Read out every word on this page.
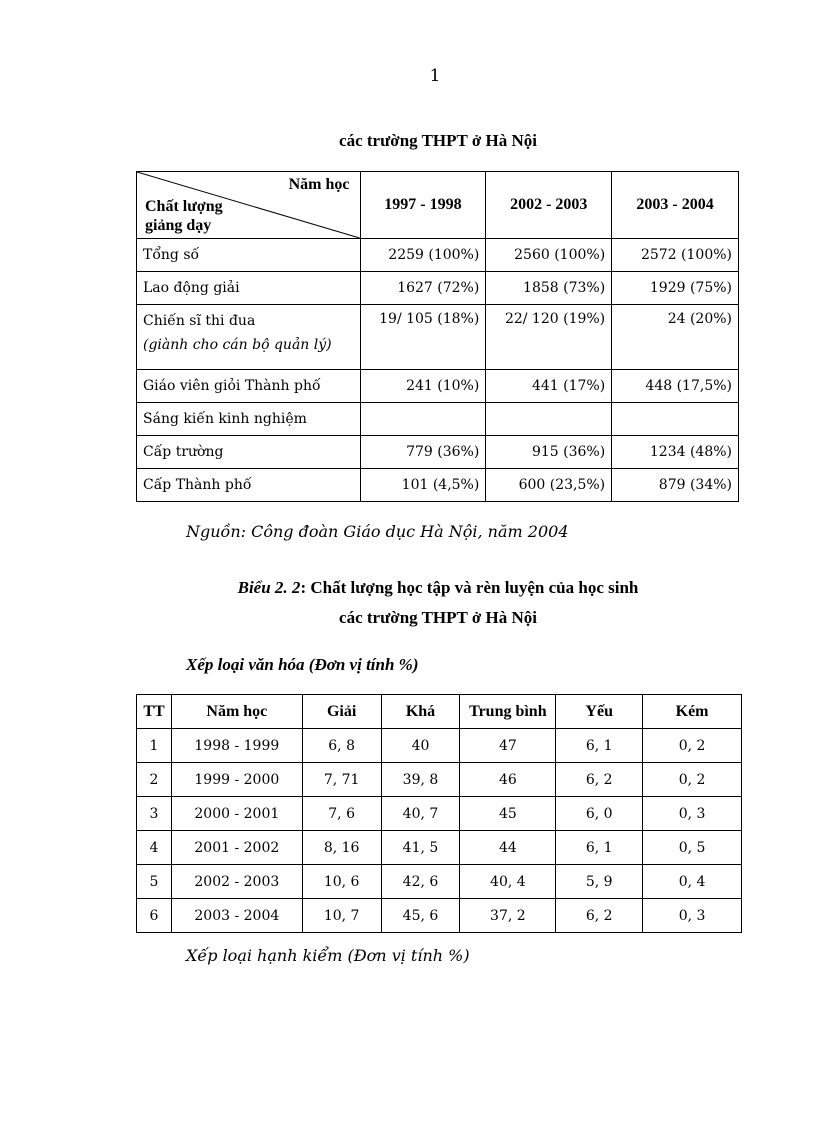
1
các trường THPT ở Hà Nội
Năm học
Chất lượng
giảng dạy	1997 - 1998	2002 - 2003	2003 - 2004
Tổng số	2259 (100%)	2560 (100%)	2572 (100%)
Lao động giải	1627 (72%)	1858 (73%)	1929 (75%)
Chiến sĩ thi đua
(giành cho cán bộ quản lý)	19/ 105 (18%)	22/ 120 (19%)	24 (20%)
Giáo viên giỏi Thành phố	241 (10%)	441 (17%)	448 (17,5%)
Sáng kiến kinh nghiệm			
Cấp trường	779 (36%)	915 (36%)	1234 (48%)
Cấp Thành phố	101 (4,5%)	600 (23,5%)	879 (34%)
Nguồn: Công đoàn Giáo dục Hà Nội, năm 2004
Biểu 2. 2: Chất lượng học tập và rèn luyện của học sinh
các trường THPT ở Hà Nội
Xếp loại văn hóa (Đơn vị tính %)
TT	Năm học	Giải	Khá	Trung bình	Yếu	Kém
1	1998 - 1999	6, 8	40	47	6, 1	0, 2
2	1999 - 2000	7, 71	39, 8	46	6, 2	0, 2
3	2000 - 2001	7, 6	40, 7	45	6, 0	0, 3
4	2001 - 2002	8, 16	41, 5	44	6, 1	0, 5
5	2002 - 2003	10, 6	42, 6	40, 4	5, 9	0, 4
6	2003 - 2004	10, 7	45, 6	37, 2	6, 2	0, 3
Xếp loại hạnh kiểm (Đơn vị tính %)
